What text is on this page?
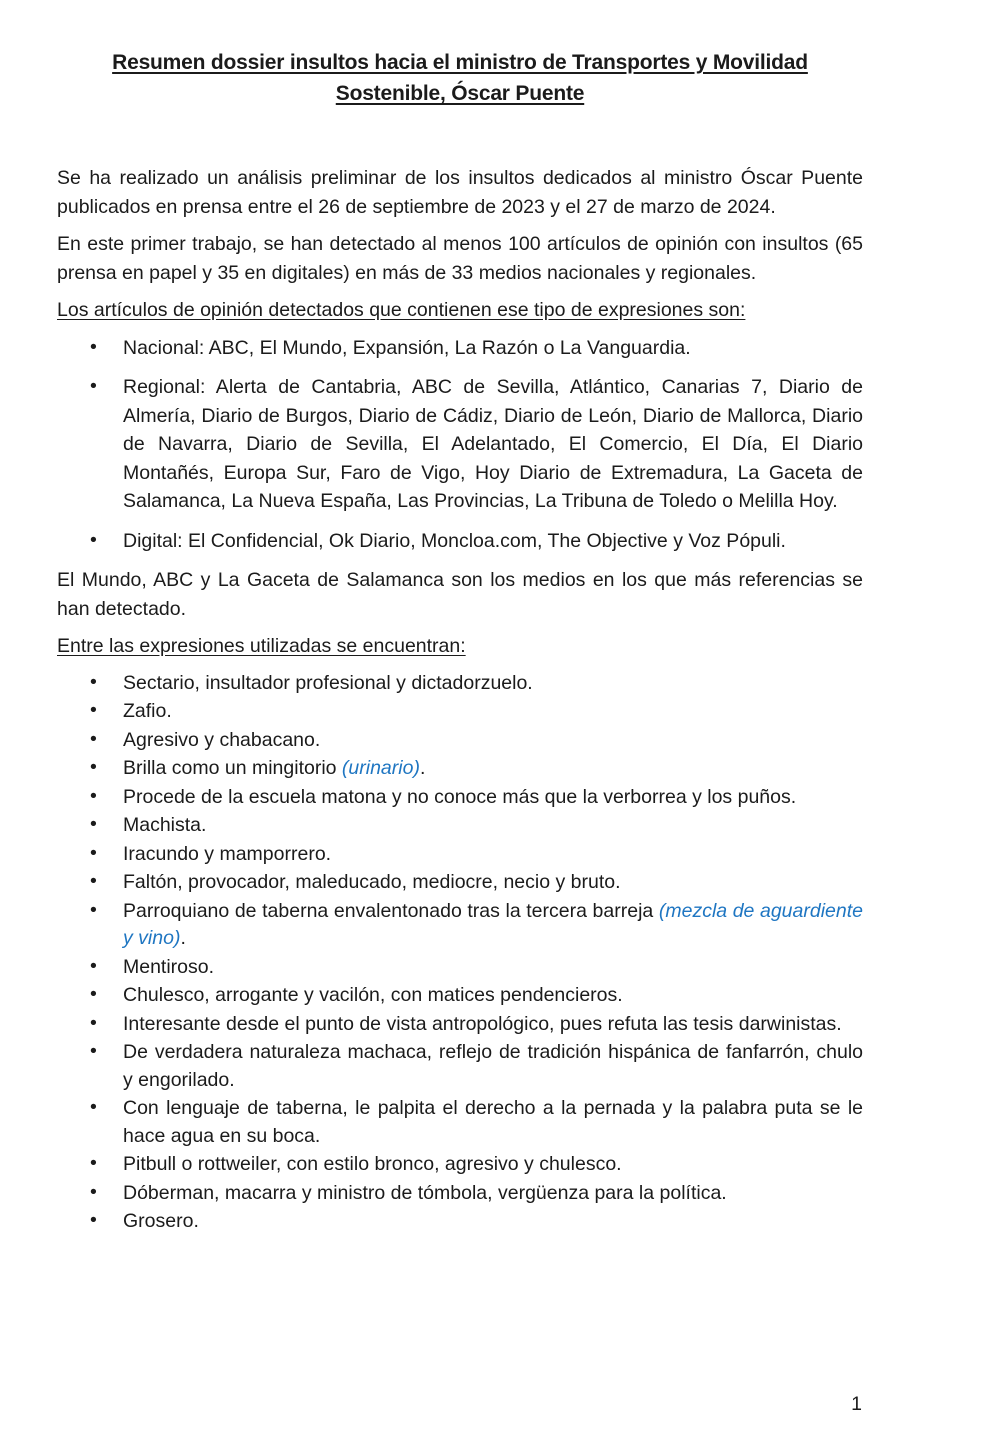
Resumen dossier insultos hacia el ministro de Transportes y Movilidad
Sostenible, Óscar Puente

Se ha realizado un análisis preliminar de los insultos dedicados al ministro Óscar Puente publicados en prensa entre el 26 de septiembre de 2023 y el 27 de marzo de 2024.

En este primer trabajo, se han detectado al menos 100 artículos de opinión con insultos (65 prensa en papel y 35 en digitales) en más de 33 medios nacionales y regionales.

Los artículos de opinión detectados que contienen ese tipo de expresiones son:

• Nacional: ABC, El Mundo, Expansión, La Razón o La Vanguardia.
• Regional: Alerta de Cantabria, ABC de Sevilla, Atlántico, Canarias 7, Diario de Almería, Diario de Burgos, Diario de Cádiz, Diario de León, Diario de Mallorca, Diario de Navarra, Diario de Sevilla, El Adelantado, El Comercio, El Día, El Diario Montañés, Europa Sur, Faro de Vigo, Hoy Diario de Extremadura, La Gaceta de Salamanca, La Nueva España, Las Provincias, La Tribuna de Toledo o Melilla Hoy.
• Digital: El Confidencial, Ok Diario, Moncloa.com, The Objective y Voz Pópuli.

El Mundo, ABC y La Gaceta de Salamanca son los medios en los que más referencias se han detectado.

Entre las expresiones utilizadas se encuentran:

• Sectario, insultador profesional y dictadorzuelo.
• Zafio.
• Agresivo y chabacano.
• Brilla como un mingitorio (urinario).
• Procede de la escuela matona y no conoce más que la verborrea y los puños.
• Machista.
• Iracundo y mamporrero.
• Faltón, provocador, maleducado, mediocre, necio y bruto.
• Parroquiano de taberna envalentonado tras la tercera barreja (mezcla de aguardiente y vino).
• Mentiroso.
• Chulesco, arrogante y vacilón, con matices pendencieros.
• Interesante desde el punto de vista antropológico, pues refuta las tesis darwinistas.
• De verdadera naturaleza machaca, reflejo de tradición hispánica de fanfarrón, chulo y engorilado.
• Con lenguaje de taberna, le palpita el derecho a la pernada y la palabra puta se le hace agua en su boca.
• Pitbull o rottweiler, con estilo bronco, agresivo y chulesco.
• Dóberman, macarra y ministro de tómbola, vergüenza para la política.
• Grosero.
1
